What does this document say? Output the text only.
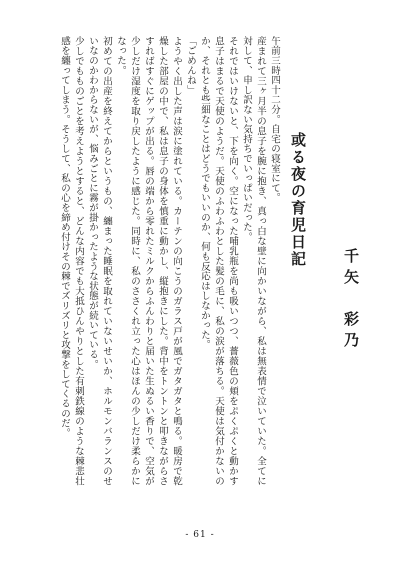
或る夜の育児日記
千矢　彩乃

午前三時四十二分。自宅の寝室にて。

産まれて三ヶ月半の息子を腕に抱き、真っ白な壁に向かいながら、私は無表情で泣いていた。全てに対して、申し訳ない気持ちでいっぱいだった。

それではいけないと、下を向く。空になった哺乳瓶を尚も吸いつつ、薔薇色の頬をぷくぷくと動かす息子はまるで天使のようだ。天使のふわふわとした髪の毛に、私の涙が落ちる。天使は気付かないのか、それとも些細なことはどうでもいいのか、何も反応はしなかった。

「ごめんね」

ようやく出した声は涙に塗れている。カーテンの向こうのガラス戸が風でガタガタと鳴る。暖房で乾燥した部屋の中で、私は息子の身体を慎重に動かし、縦抱きにした。背中をトントンと叩きながらさすればすぐにゲップが出る。唇の端から零れたミルクからふんわりと届いた生ぬるい香りで、空気が少しだけ湿度を取り戻したように感じた。同時に、私のささくれ立った心はほんの少しだけ柔らかになった。

初めての出産を終えてからというもの、纏まった睡眠を取れていないせいか、ホルモンバランスのせいなのかわからないが、悩みごとに霧が掛かったような状態が続いている。

少しでもものごとを考えようとすると、どんな内容でも大抵ひんやりとした有刺鉄線のような棘悲壮感を纏ってしまう。そうして、私の心を締め付けその棘でズリズリと攻撃をしてくるのだ。

- 61 -
